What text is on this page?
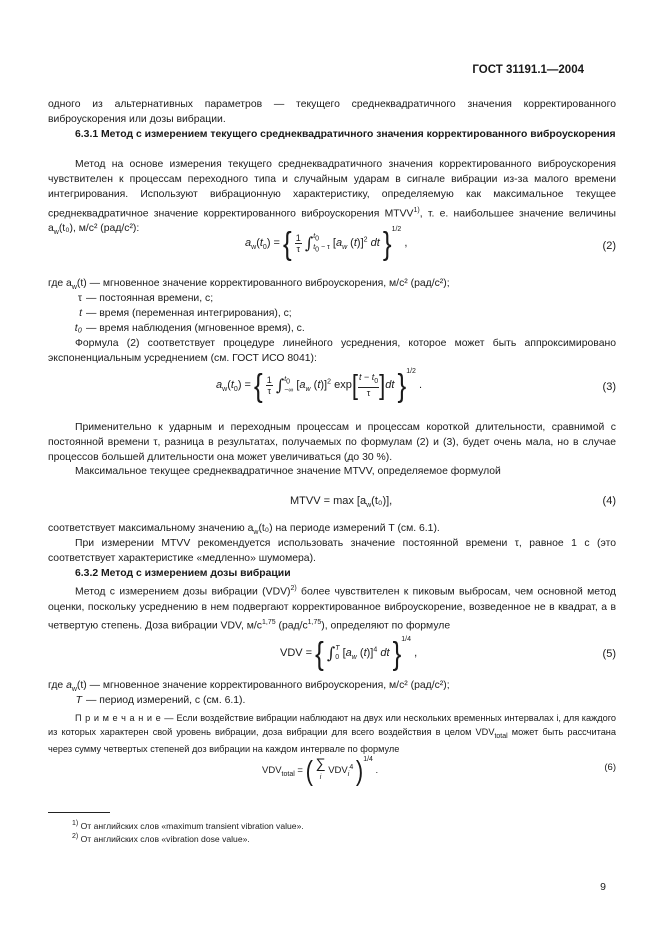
ГОСТ 31191.1—2004
одного из альтернативных параметров — текущего среднеквадратичного значения корректированного виброускорения или дозы вибрации.
6.3.1 Метод с измерением текущего среднеквадратичного значения корректированного виброускорения
Метод на основе измерения текущего среднеквадратичного значения корректированного виброускорения чувствителен к процессам переходного типа и случайным ударам в сигнале вибрации из-за малого времени интегрирования. Используют вибрационную характеристику, определяемую как максимальное текущее среднеквадратичное значение корректированного виброускорения MTVV$^{1)}$, т. е. наибольшее значение величины $a_w(t_0)$, м/с² (рад/с²):
$a_w(t_0)$ = { $\frac{1}{\tau} \int t_0$
$t_0 - \tau$ [$a_w$ (t)]$^2$ dt }$^{1/2}$ ,	(2)
где $a_w(t)$ — мгновенное значение корректированного виброускорения, м/с² (рад/с²);
τ — постоянная времени, с;
t — время (переменная интегрирования), с;
t₀ — время наблюдения (мгновенное время), с.
Формула (2) соответствует процедуре линейного усреднения, которое может быть аппроксимировано экспоненциальным усреднением (см. ГОСТ ИСО 8041):
$a_w(t_0)$ = { $\frac{1}{\tau} \int t_0$
−∞ [$a_w$ (t)]$^2$ $\exp[ \frac{t - t_0}{\tau}]dt$ }$^{1/2}$ .	(3)
Применительно к ударным и переходным процессам и процессам короткой длительности, сравнимой с постоянной времени τ, разница в результатах, получаемых по формулам (2) и (3), будет очень мала, но в случае процессов большей длительности она может увеличиваться (до 30 %).
Максимальное текущее среднеквадратичное значение MTVV, определяемое формулой
MTVV = $\max [a_w(t_0)]$,	(4)
соответствует максимальному значению $a_w(t_0)$ на периоде измерений T (см. 6.1).
При измерении MTVV рекомендуется использовать значение постоянной времени τ, равное 1 с (это соответствует характеристике «медленно» шумомера).
6.3.2 Метод с измерением дозы вибрации
Метод с измерением дозы вибрации (VDV)$^{2)}$ более чувствителен к пиковым выбросам, чем основной метод оценки, поскольку усреднению в нем подвергают корректированное виброускорение, возведенное не в квадрат, а в четвертую степень. Доза вибрации VDV, $м/с^{1,75}$ $(рад/с^{1,75})$, определяют по формуле
VDV = { ∫T
0 [$a_w$ (t)]$^4$ dt }$^{1/4}$ ,	(5)
где $a_w(t)$ — мгновенное значение корректированного виброускорения, м/с² (рад/с²);
T — период измерений, с (см. 6.1).
П р и м е ч а н и е — Если воздействие вибрации наблюдают на двух или нескольких временных интервалах i, для каждого из которых характерен свой уровень вибрации, доза вибрации для всего воздействия в целом $VDV_{total}$ может быть рассчитана через сумму четвертых степеней доз вибрации на каждом интервале по формуле
$VDV_{total}$ = ( ∑
i $VDV_i^4$ )$^{1/4}$ .	(6)
$^{1)}$ От английских слов «maximum transient vibration value».
$^{2)}$ От английских слов «vibration dose value».
9
